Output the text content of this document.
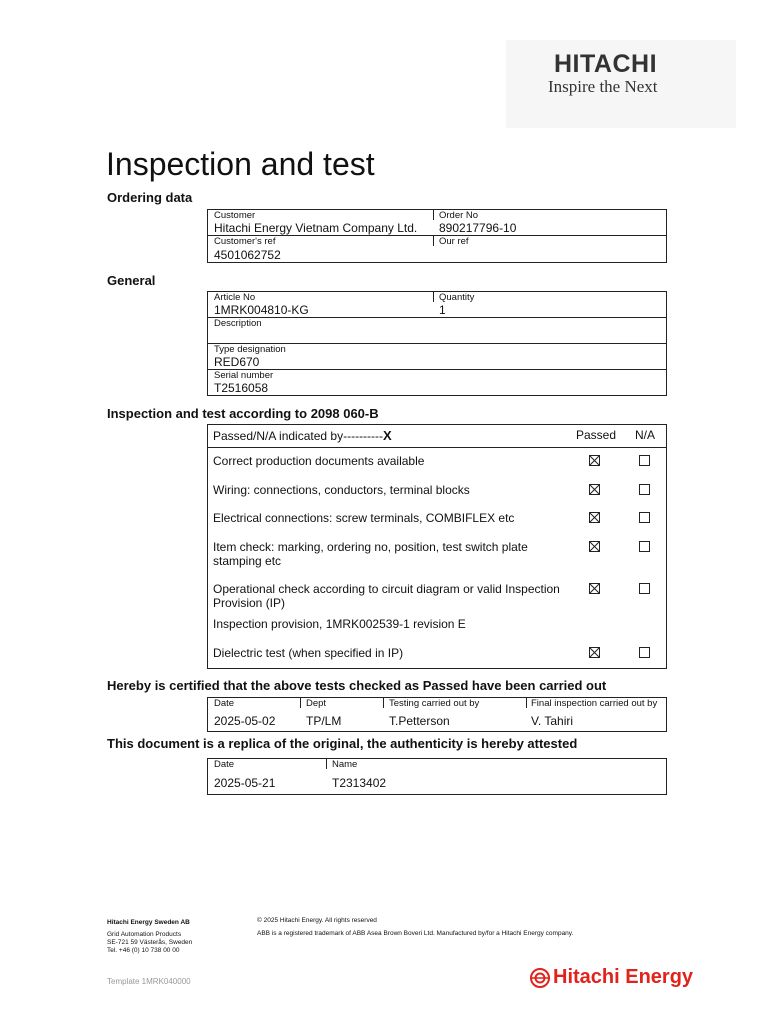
HITACHI
Inspire the Next
Inspection and test
Ordering data
Customer
Hitachi Energy Vietnam Company Ltd.
Order No
890217796-10
Customer's ref
4501062752
Our ref
General
Article No
1MRK004810-KG
Quantity
1
Description
Type designation
RED670
Serial number
T2516058
Inspection and test according to 2098 060-B
Passed/N/A indicated by----------X	Passed N/A
Correct production documents available
Wiring: connections, conductors, terminal blocks
Electrical connections: screw terminals, COMBIFLEX etc
Item check: marking, ordering no, position, test switch plate stamping etc
Operational check according to circuit diagram or valid Inspection Provision (IP)
Inspection provision, 1MRK002539-1 revision E
Dielectric test (when specified in IP)
Hereby is certified that the above tests checked as Passed have been carried out
Date
2025-05-02
Dept
TP/LM
Testing carried out by
T.Petterson
Final inspection carried out by
V. Tahiri
This document is a replica of the original, the authenticity is hereby attested
Date
2025-05-21
Name
T2313402
Hitachi Energy Sweden AB
Grid Automation Products
SE-721 59 Västerås, Sweden
Tel. +46 (0) 10 738 00 00
© 2025 Hitachi Energy. All rights reserved
ABB is a registered trademark of ABB Asea Brown Boveri Ltd. Manufactured by/for a Hitachi Energy company.
Template 1MRK040000	Hitachi Energy
